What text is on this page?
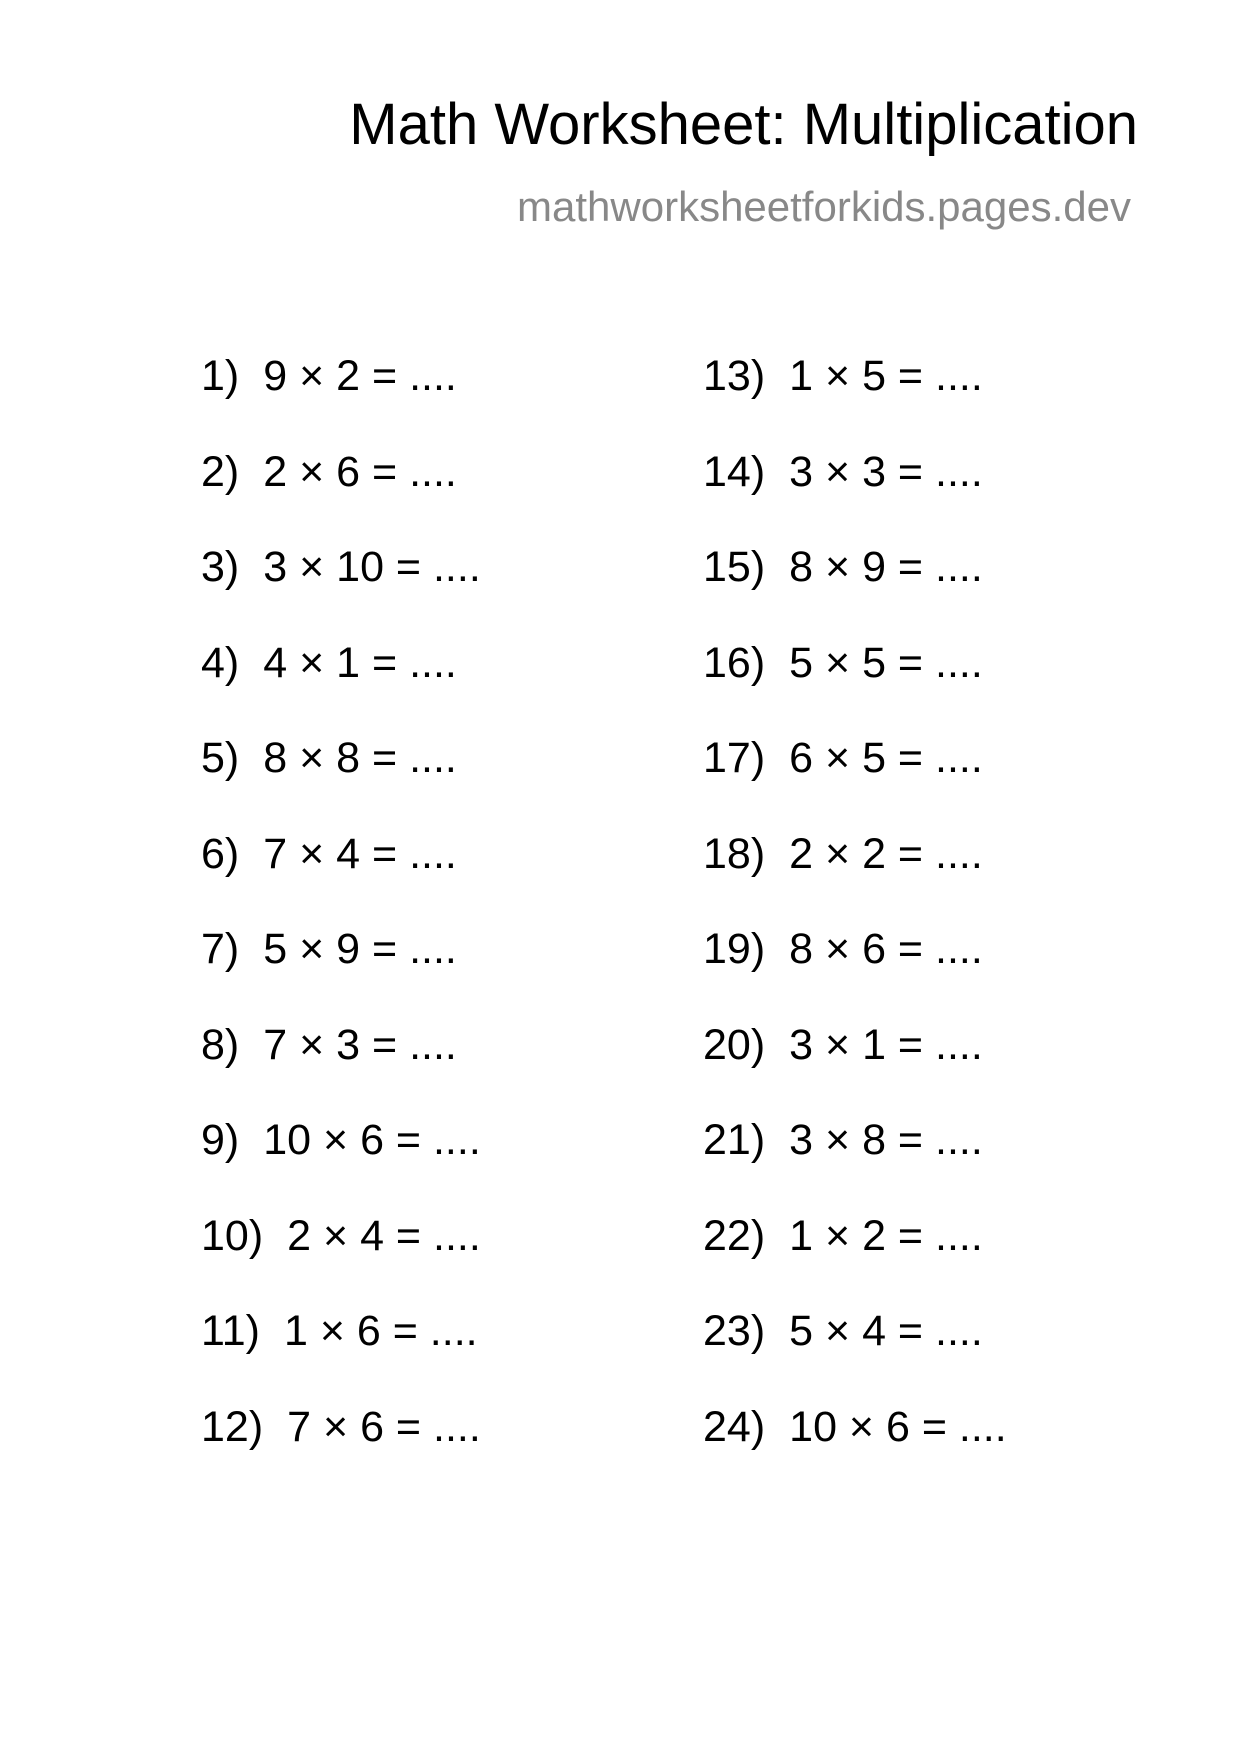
Math Worksheet: Multiplication
mathworksheetforkids.pages.dev
1) 9 × 2 = ....
2) 2 × 6 = ....
3) 3 × 10 = ....
4) 4 × 1 = ....
5) 8 × 8 = ....
6) 7 × 4 = ....
7) 5 × 9 = ....
8) 7 × 3 = ....
9) 10 × 6 = ....
10) 2 × 4 = ....
11) 1 × 6 = ....
12) 7 × 6 = ....
13) 1 × 5 = ....
14) 3 × 3 = ....
15) 8 × 9 = ....
16) 5 × 5 = ....
17) 6 × 5 = ....
18) 2 × 2 = ....
19) 8 × 6 = ....
20) 3 × 1 = ....
21) 3 × 8 = ....
22) 1 × 2 = ....
23) 5 × 4 = ....
24) 10 × 6 = ....
